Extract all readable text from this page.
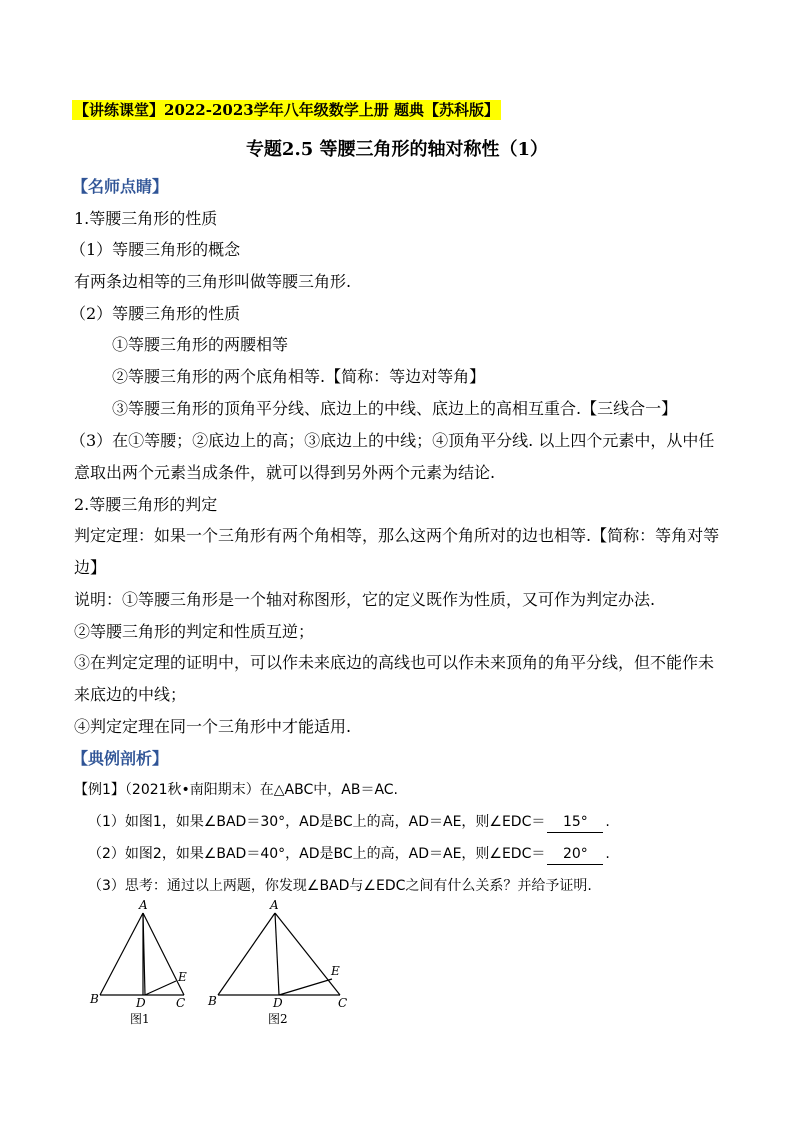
【讲练课堂】2022-2023学年八年级数学上册 题典【苏科版】
专题2.5 等腰三角形的轴对称性（1）
【名师点睛】
1.等腰三角形的性质
（1）等腰三角形的概念
有两条边相等的三角形叫做等腰三角形.
（2）等腰三角形的性质
①等腰三角形的两腰相等
②等腰三角形的两个底角相等.【简称：等边对等角】
③等腰三角形的顶角平分线、底边上的中线、底边上的高相互重合.【三线合一】
（3）在①等腰；②底边上的高；③底边上的中线；④顶角平分线. 以上四个元素中，从中任
意取出两个元素当成条件，就可以得到另外两个元素为结论.
2.等腰三角形的判定
判定定理：如果一个三角形有两个角相等，那么这两个角所对的边也相等.【简称：等角对等
边】
说明：①等腰三角形是一个轴对称图形，它的定义既作为性质，又可作为判定办法.
②等腰三角形的判定和性质互逆；
③在判定定理的证明中，可以作未来底边的高线也可以作未来顶角的角平分线，但不能作未
来底边的中线；
④判定定理在同一个三角形中才能适用.
【典例剖析】
【例1】（2021秋•南阳期末）在△ABC中，AB＝AC.
（1）如图1，如果∠BAD＝30°，AD是BC上的高，AD＝AE，则∠EDC＝ 15° .
（2）如图2，如果∠BAD＝40°，AD是BC上的高，AD＝AE，则∠EDC＝ 20° .
（3）思考：通过以上两题，你发现∠BAD与∠EDC之间有什么关系？并给予证明.
A
B	C
D
E
图1
A
B	C
D
E
图2
